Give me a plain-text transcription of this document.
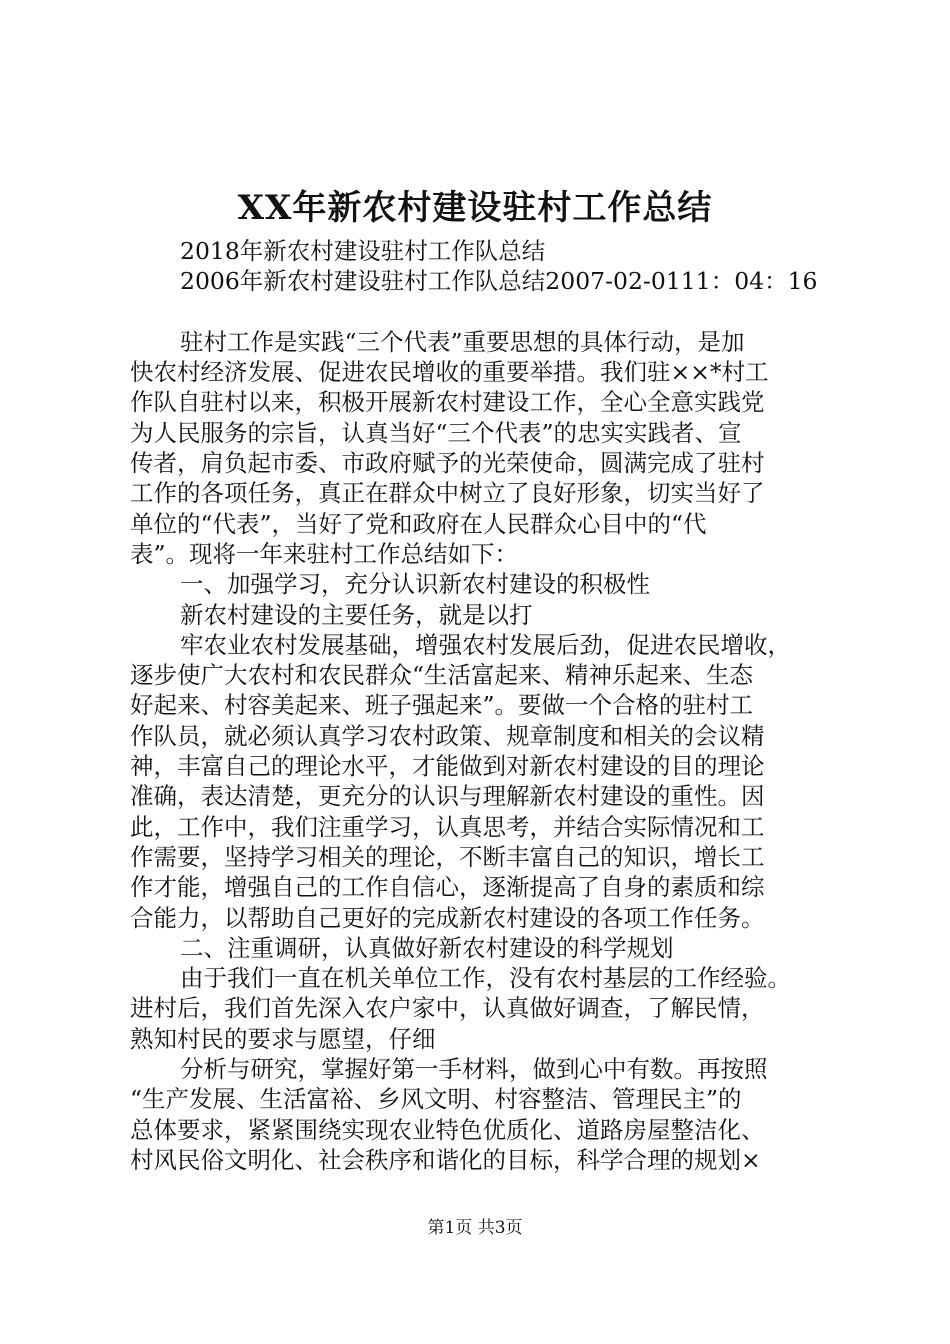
XX年新农村建设驻村工作总结
2018年新农村建设驻村工作队总结
2006年新农村建设驻村工作队总结2007-02-0111：04：16
驻村工作是实践“三个代表”重要思想的具体行动，是加
快农村经济发展、促进农民增收的重要举措。我们驻××*村工
作队自驻村以来，积极开展新农村建设工作，全心全意实践党
为人民服务的宗旨，认真当好“三个代表”的忠实实践者、宣
传者，肩负起市委、市政府赋予的光荣使命，圆满完成了驻村
工作的各项任务，真正在群众中树立了良好形象，切实当好了
单位的“代表”，当好了党和政府在人民群众心目中的“代
表”。现将一年来驻村工作总结如下：
一、加强学习，充分认识新农村建设的积极性
新农村建设的主要任务，就是以打
牢农业农村发展基础，增强农村发展后劲，促进农民增收，
逐步使广大农村和农民群众“生活富起来、精神乐起来、生态
好起来、村容美起来、班子强起来”。要做一个合格的驻村工
作队员，就必须认真学习农村政策、规章制度和相关的会议精
神，丰富自己的理论水平，才能做到对新农村建设的目的理论
准确，表达清楚，更充分的认识与理解新农村建设的重性。因
此，工作中，我们注重学习，认真思考，并结合实际情况和工
作需要，坚持学习相关的理论，不断丰富自己的知识，增长工
作才能，增强自己的工作自信心，逐渐提高了自身的素质和综
合能力，以帮助自己更好的完成新农村建设的各项工作任务。
二、注重调研，认真做好新农村建设的科学规划
由于我们一直在机关单位工作，没有农村基层的工作经验。
进村后，我们首先深入农户家中，认真做好调查，了解民情，
熟知村民的要求与愿望，仔细
分析与研究，掌握好第一手材料，做到心中有数。再按照
“生产发展、生活富裕、乡风文明、村容整洁、管理民主”的
总体要求，紧紧围绕实现农业特色优质化、道路房屋整洁化、
村风民俗文明化、社会秩序和谐化的目标，科学合理的规划×
第1页 共3页
